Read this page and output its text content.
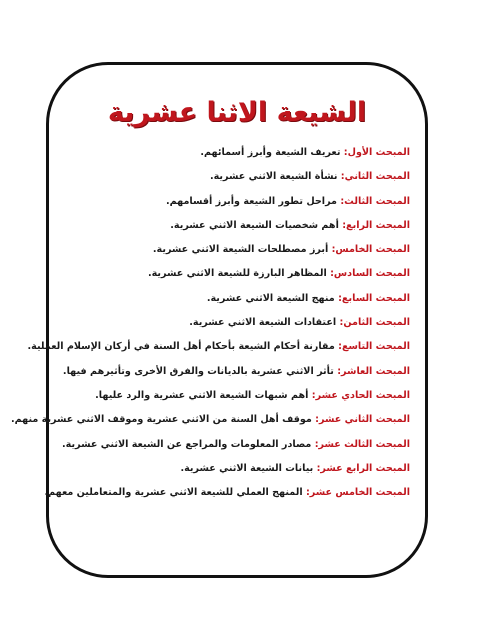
الشيعة الاثنا عشرية
المبحث الأول: تعريف الشيعة وأبرز أسمائهم.
المبحث الثاني: نشأة الشيعة الاثني عشرية.
المبحث الثالث: مراحل تطور الشيعة وأبرز أقسامهم.
المبحث الرابع: أهم شخصيات الشيعة الاثني عشرية.
المبحث الخامس: أبرز مصطلحات الشيعة الاثني عشرية.
المبحث السادس: المظاهر البارزة للشيعة الاثني عشرية.
المبحث السابع: منهج الشيعة الاثني عشرية.
المبحث الثامن: اعتقادات الشيعة الاثني عشرية.
المبحث التاسع: مقارنة أحكام الشيعة بأحكام أهل السنة في أركان الإسلام العملية.
المبحث العاشر: تأثر الاثني عشرية بالديانات والفرق الأخرى وتأثيرهم فيها.
المبحث الحادي عشر: أهم شبهات الشيعة الاثني عشرية والرد عليها.
المبحث الثاني عشر: موقف أهل السنة من الاثني عشرية وموقف الاثني عشرية منهم.
المبحث الثالث عشر: مصادر المعلومات والمراجع عن الشيعة الاثني عشرية.
المبحث الرابع عشر: بيانات الشيعة الاثني عشرية.
المبحث الخامس عشر: المنهج العملي للشيعة الاثني عشرية والمتعاملين معهم.
